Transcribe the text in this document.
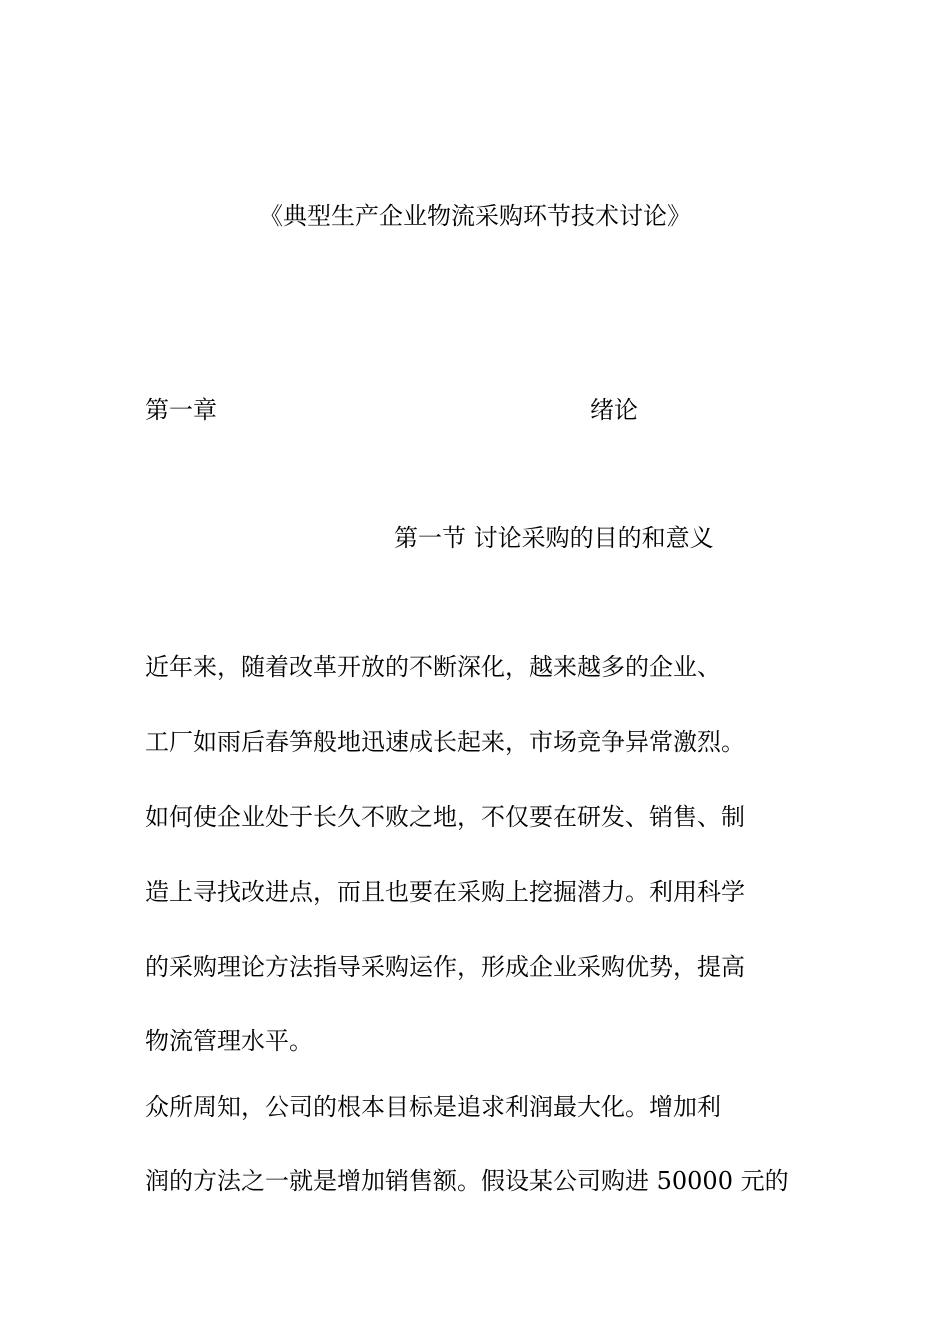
《典型生产企业物流采购环节技术讨论》
第一章	绪论
第一节 讨论采购的目的和意义
近年来，随着改革开放的不断深化，越来越多的企业、
工厂如雨后春笋般地迅速成长起来，市场竞争异常激烈。
如何使企业处于长久不败之地，不仅要在研发、销售、制
造上寻找改进点，而且也要在采购上挖掘潜力。利用科学
的采购理论方法指导采购运作，形成企业采购优势，提高
物流管理水平。
众所周知，公司的根本目标是追求利润最大化。增加利
润的方法之一就是增加销售额。假设某公司购进 50000 元的
